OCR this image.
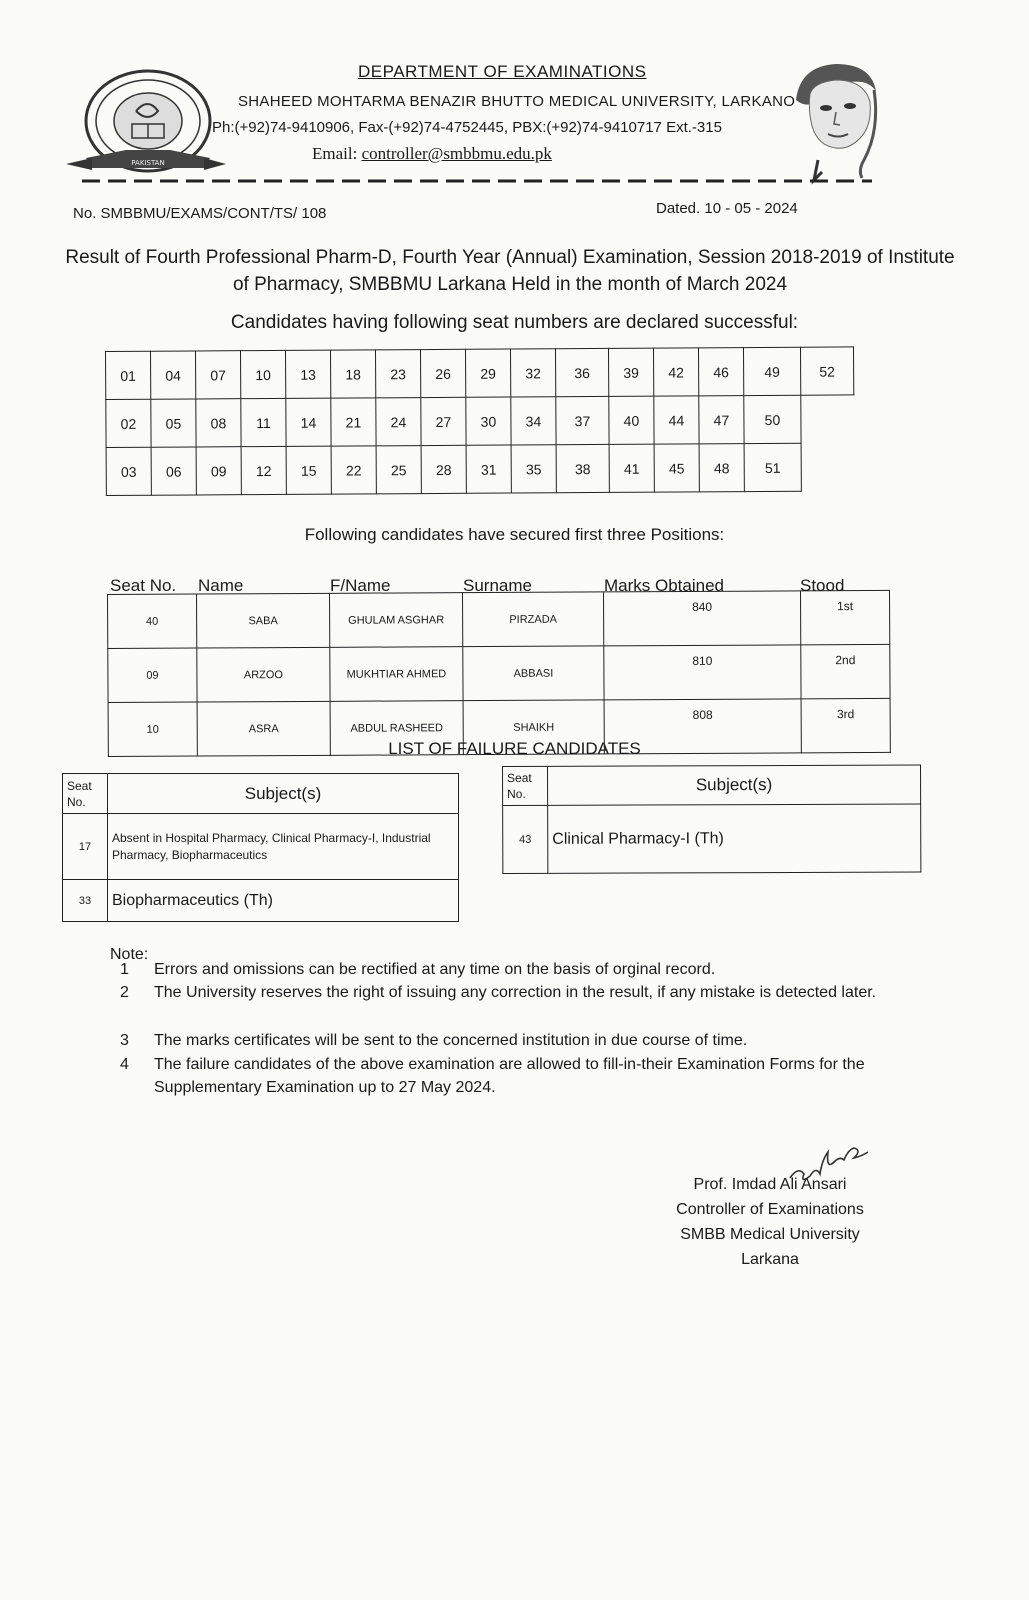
PAKISTAN
DEPARTMENT OF EXAMINATIONS
SHAHEED MOHTARMA BENAZIR BHUTTO MEDICAL UNIVERSITY, LARKANO
Ph:(+92)74-9410906, Fax-(+92)74-4752445, PBX:(+92)74-9410717 Ext.-315
Email: controller@smbbmu.edu.pk
No. SMBBMU/EXAMS/CONT/TS/ 108	Dated. 10 - 05 - 2024
Result of Fourth Professional Pharm-D, Fourth Year (Annual) Examination, Session 2018-2019 of Institute of Pharmacy, SMBBMU Larkana Held in the month of March 2024
Candidates having following seat numbers are declared successful:
01	04	07	10	13	18	23	26	29	32	36	39	42	46	49	52
02	05	08	11	14	21	24	27	30	34	37	40	44	47	50	
03	06	09	12	15	22	25	28	31	35	38	41	45	48	51	
Following candidates have secured first three Positions:
Seat No. Name	F/Name	Surname	Marks Obtained	Stood
40	SABA	GHULAM ASGHAR	PIRZADA	840	1st
09	ARZOO	MUKHTIAR AHMED	ABBASI	810	2nd
10	ASRA	ABDUL RASHEED	SHAIKH	808	3rd
LIST OF FAILURE CANDIDATES
Seat
No.	Subject(s)
17	Absent in Hospital Pharmacy, Clinical Pharmacy-I, Industrial Pharmacy, Biopharmaceutics
33	Biopharmaceutics (Th)
Seat
No.	Subject(s)
43	Clinical Pharmacy-I (Th)
Note:
1 Errors and omissions can be rectified at any time on the basis of orginal record.
2 The University reserves the right of issuing any correction in the result, if any mistake is detected later.
3 The marks certificates will be sent to the concerned institution in due course of time.
4 The failure candidates of the above examination are allowed to fill-in-their Examination Forms for the Supplementary Examination up to 27 May 2024.
Prof. Imdad Ali Ansari
Controller of Examinations
SMBB Medical University
Larkana
